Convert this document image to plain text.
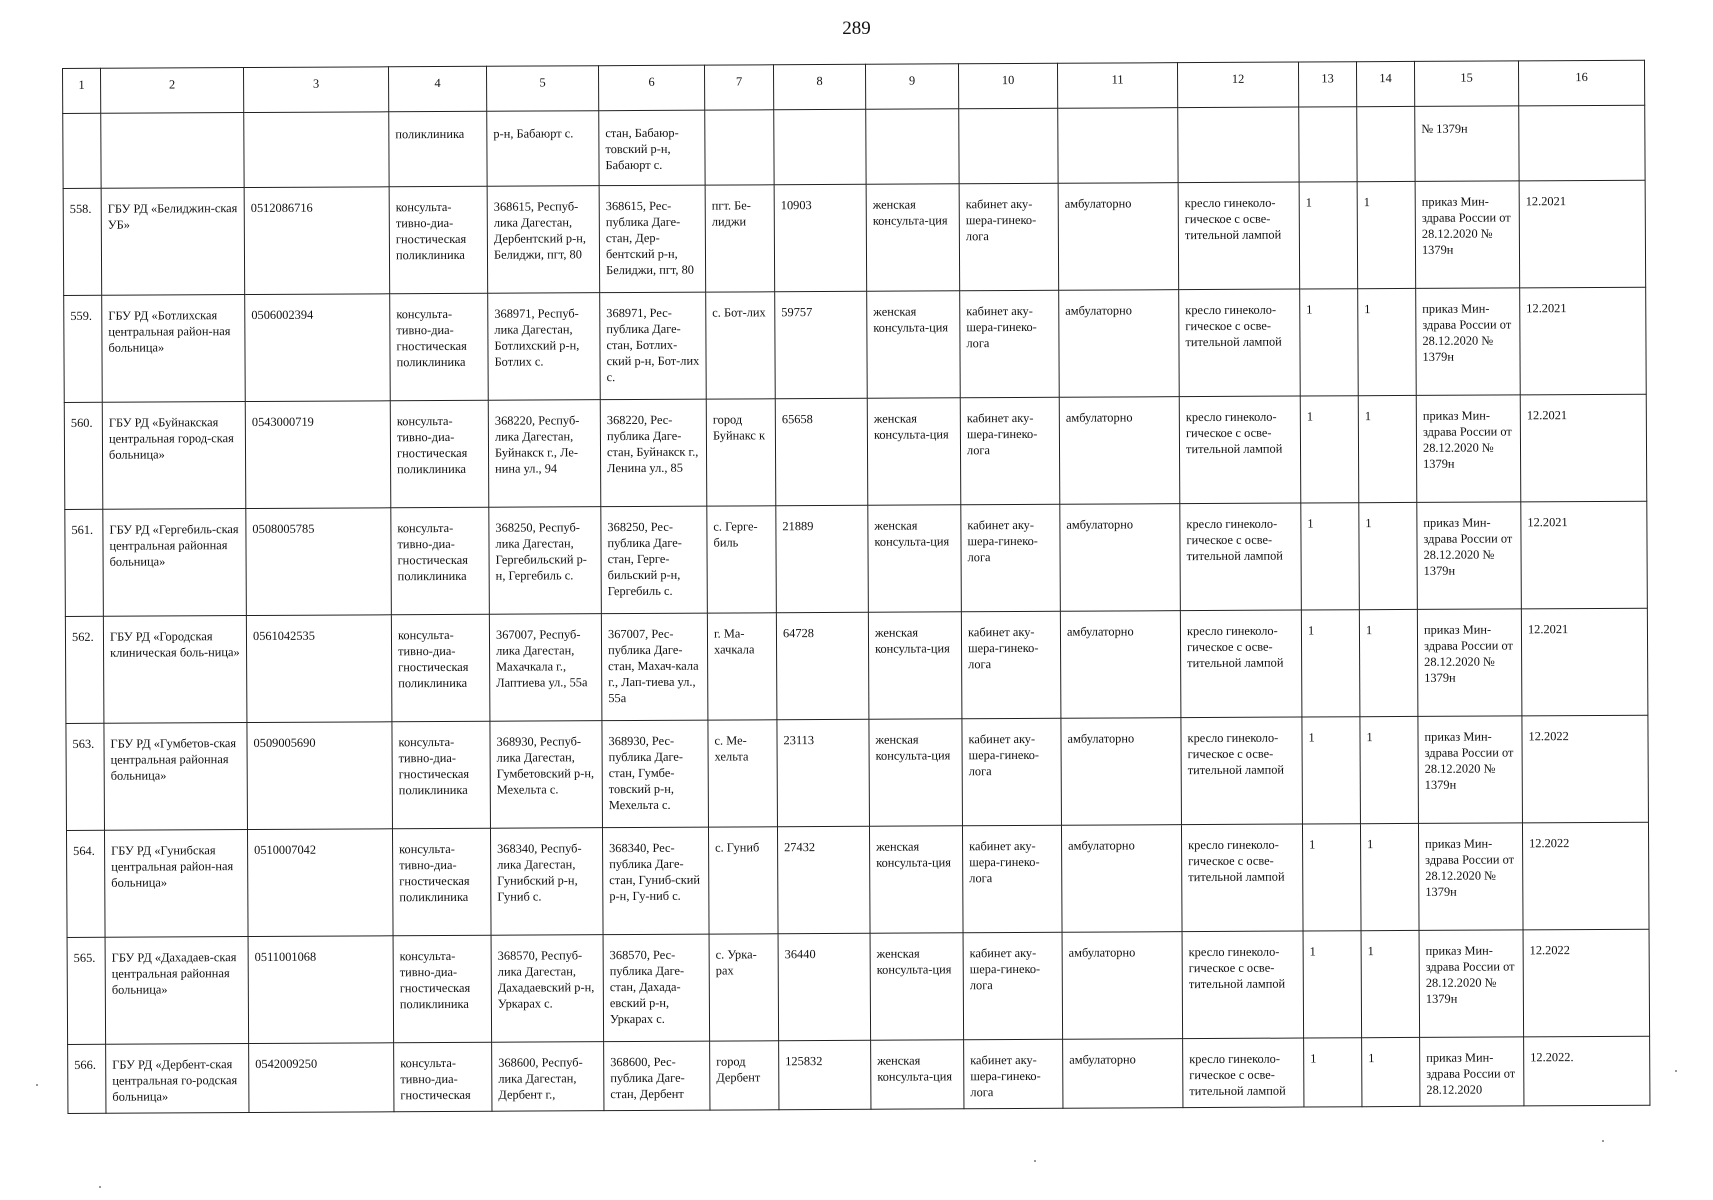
289
1	2	3	4	5	6	7	8	9	10	11	12	13	14	15	16
			поликлиника	р-н, Бабаюрт с.	стан, Бабаюр-товский р-н, Бабаюрт с.									№ 1379н	
558.	ГБУ РД «Белиджин-ская УБ»	0512086716	консульта-тивно-диа-гностическая поликлиника	368615, Респуб-лика Дагестан, Дербентский р-н, Белиджи, пгт, 80	368615, Рес-публика Даге-стан, Дер-бентский р-н, Белиджи, пгт, 80	пгт. Бе-лиджи	10903	женская консульта-ция	кабинет аку-шера-гинеко-лога	амбулаторно	кресло гинеколо-гическое с осве-тительной лампой	1	1	приказ Мин-здрава России от 28.12.2020 № 1379н	12.2021
559.	ГБУ РД «Ботлихская центральная район-ная больница»	0506002394	консульта-тивно-диа-гностическая поликлиника	368971, Респуб-лика Дагестан, Ботлихский р-н, Ботлих с.	368971, Рес-публика Даге-стан, Ботлих-ский р-н, Бот-лих с.	с. Бот-лих	59757	женская консульта-ция	кабинет аку-шера-гинеко-лога	амбулаторно	кресло гинеколо-гическое с осве-тительной лампой	1	1	приказ Мин-здрава России от 28.12.2020 № 1379н	12.2021
560.	ГБУ РД «Буйнакская центральная город-ская больница»	0543000719	консульта-тивно-диа-гностическая поликлиника	368220, Респуб-лика Дагестан, Буйнакск г., Ле-нина ул., 94	368220, Рес-публика Даге-стан, Буйнакск г., Ленина ул., 85	город Буйнакс к	65658	женская консульта-ция	кабинет аку-шера-гинеко-лога	амбулаторно	кресло гинеколо-гическое с осве-тительной лампой	1	1	приказ Мин-здрава России от 28.12.2020 № 1379н	12.2021
561.	ГБУ РД «Гергебиль-ская центральная районная больница»	0508005785	консульта-тивно-диа-гностическая поликлиника	368250, Респуб-лика Дагестан, Гергебильский р-н, Гергебиль с.	368250, Рес-публика Даге-стан, Герге-бильский р-н, Гергебиль с.	с. Герге-биль	21889	женская консульта-ция	кабинет аку-шера-гинеко-лога	амбулаторно	кресло гинеколо-гическое с осве-тительной лампой	1	1	приказ Мин-здрава России от 28.12.2020 № 1379н	12.2021
562.	ГБУ РД «Городская клиническая боль-ница»	0561042535	консульта-тивно-диа-гностическая поликлиника	367007, Респуб-лика Дагестан, Махачкала г., Лаптиева ул., 55а	367007, Рес-публика Даге-стан, Махач-кала г., Лап-тиева ул., 55а	г. Ма-хачкала	64728	женская консульта-ция	кабинет аку-шера-гинеко-лога	амбулаторно	кресло гинеколо-гическое с осве-тительной лампой	1	1	приказ Мин-здрава России от 28.12.2020 № 1379н	12.2021
563.	ГБУ РД «Гумбетов-ская центральная районная больница»	0509005690	консульта-тивно-диа-гностическая поликлиника	368930, Респуб-лика Дагестан, Гумбетовский р-н, Мехельта с.	368930, Рес-публика Даге-стан, Гумбе-товский р-н, Мехельта с.	с. Ме-хельта	23113	женская консульта-ция	кабинет аку-шера-гинеко-лога	амбулаторно	кресло гинеколо-гическое с осве-тительной лампой	1	1	приказ Мин-здрава России от 28.12.2020 № 1379н	12.2022
564.	ГБУ РД «Гунибская центральная район-ная больница»	0510007042	консульта-тивно-диа-гностическая поликлиника	368340, Респуб-лика Дагестан, Гунибский р-н, Гуниб с.	368340, Рес-публика Даге-стан, Гуниб-ский р-н, Гу-ниб с.	с. Гуниб	27432	женская консульта-ция	кабинет аку-шера-гинеко-лога	амбулаторно	кресло гинеколо-гическое с осве-тительной лампой	1	1	приказ Мин-здрава России от 28.12.2020 № 1379н	12.2022
565.	ГБУ РД «Дахадаев-ская центральная районная больница»	0511001068	консульта-тивно-диа-гностическая поликлиника	368570, Респуб-лика Дагестан, Дахадаевский р-н, Уркарах с.	368570, Рес-публика Даге-стан, Дахада-евский р-н, Уркарах с.	с. Урка-рах	36440	женская консульта-ция	кабинет аку-шера-гинеко-лога	амбулаторно	кресло гинеколо-гическое с осве-тительной лампой	1	1	приказ Мин-здрава России от 28.12.2020 № 1379н	12.2022
566.	ГБУ РД «Дербент-ская центральная го-родская больница»	0542009250	консульта-тивно-диа-гностическая	368600, Респуб-лика Дагестан, Дербент г.,	368600, Рес-публика Даге-стан, Дербент	город Дербент	125832	женская консульта-ция	кабинет аку-шера-гинеко-лога	амбулаторно	кресло гинеколо-гическое с осве-тительной лампой	1	1	приказ Мин-здрава России от 28.12.2020	12.2022.
